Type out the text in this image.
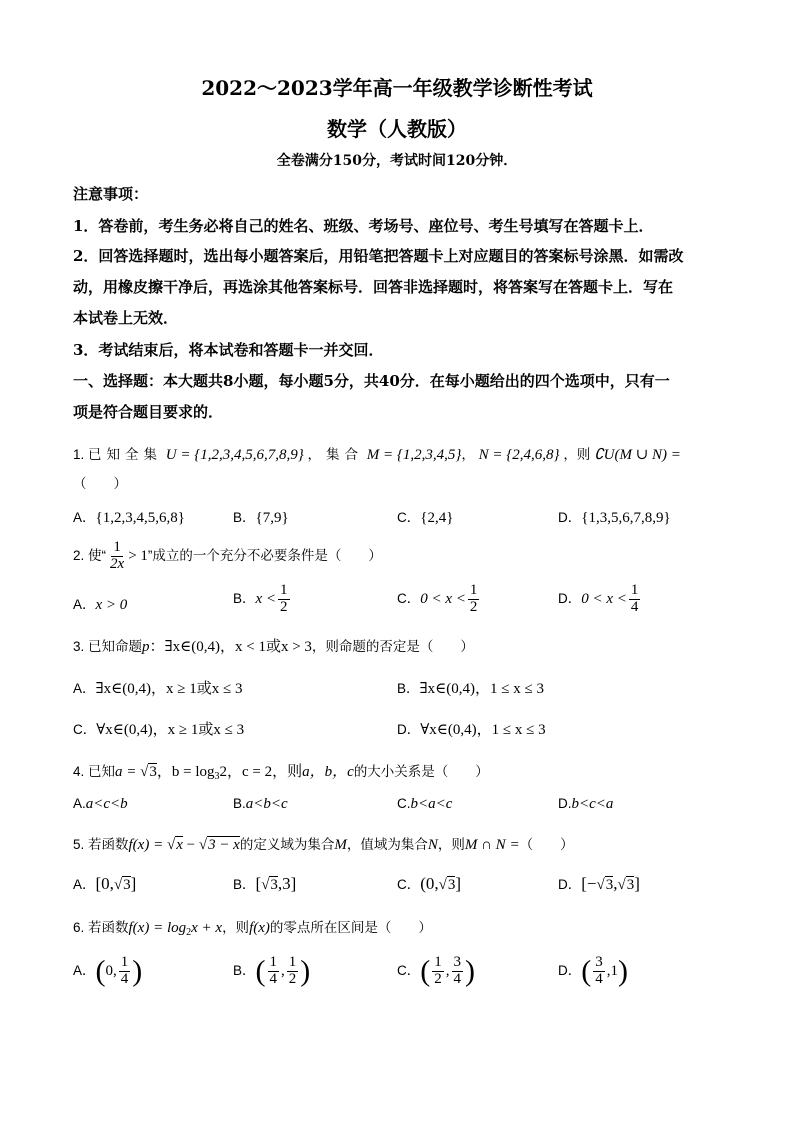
2022～2023学年高一年级教学诊断性考试
数学（人教版）
全卷满分150分，考试时间120分钟．
注意事项：
1．答卷前，考生务必将自己的姓名、班级、考场号、座位号、考生号填写在答题卡上．
2．回答选择题时，选出每小题答案后，用铅笔把答题卡上对应题目的答案标号涂黑．如需改
动，用橡皮擦干净后，再选涂其他答案标号．回答非选择题时，将答案写在答题卡上．写在
本试卷上无效．
3．考试结束后，将本试卷和答题卡一并交回．
一、选择题：本大题共8小题，每小题5分，共40分．在每小题给出的四个选项中，只有一
项是符合题目要求的．
1. 已知全集 U = {1,2,3,4,5,6,7,8,9} ，集合 M = {1,2,3,4,5}， N = {2,4,6,8} ，则 ∁U(M ∪ N) =
（　　）
A．{1,2,3,4,5,6,8}	B．{7,9}	C．{2,4}	D．{1,3,5,6,7,8,9}
2. 使“ $\frac{1}{2x} > 1$”成立的一个充分不必要条件是（　　）
A．x > 0	B．$x < \frac{1}{2}$	C．$0 < x < \frac{1}{2}$	D．$0 < x < \frac{1}{4}$
3. 已知命题p：∃x∈(0,4)，x < 1或x > 3，则命题的否定是（　　）
A．∃x∈(0,4)，x ≥ 1或x ≤ 3	B．∃x∈(0,4)，1 ≤ x ≤ 3
C．∀x∈(0,4)，x ≥ 1或x ≤ 3	D．∀x∈(0,4)，1 ≤ x ≤ 3
4. 已知a = √3，$b = \log_32$，c = 2，则a，b，c的大小关系是（　　）
A.a<c<b	B.a<b<c	C.b<a<c	D.b<c<a
5. 若函数f(x) = √x − √3 − x的定义域为集合M，值域为集合N，则M ∩ N =（　　）
A．[0,√3]	B．[√3,3]	C．(0,√3]	D．[−√3,√3]
6. 若函数$f(x) = \log_2x + x$，则f(x)的零点所在区间是（　　）
A．(0, $\frac{1}{4}$ )	B．( $\frac{1}{4}$ , $\frac{1}{2}$ )	C．( $\frac{1}{2}$ , $\frac{3}{4}$ )	D．( $\frac{3}{4} ,1$)
